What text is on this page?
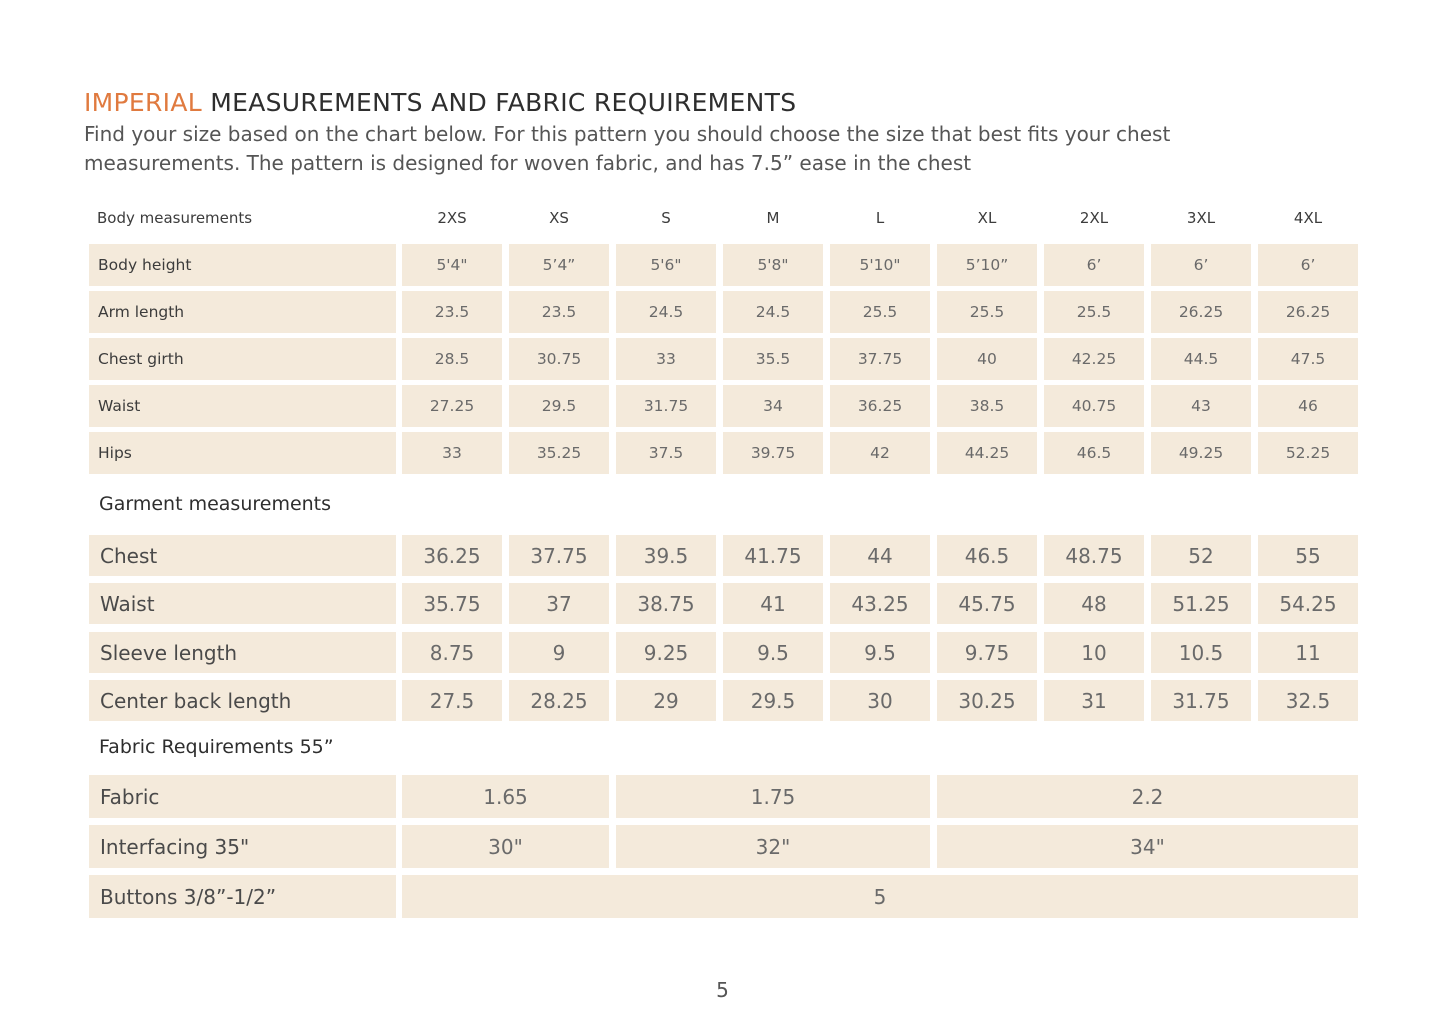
IMPERIAL MEASUREMENTS AND FABRIC REQUIREMENTS
Find your size based on the chart below. For this pattern you should choose the size that best fits your chest measurements. The pattern is designed for woven fabric, and has 7.5” ease in the chest
Body measurements	2XS	XS	S	M	L	XL	2XL	3XL	4XL
Body height	5'4"	5’4”	5'6"	5'8"	5'10"	5’10”	6’	6’	6’
Arm length	23.5	23.5	24.5	24.5	25.5	25.5	25.5	26.25	26.25
Chest girth	28.5	30.75	33	35.5	37.75	40	42.25	44.5	47.5
Waist	27.25	29.5	31.75	34	36.25	38.5	40.75	43	46
Hips	33	35.25	37.5	39.75	42	44.25	46.5	49.25	52.25
Garment measurements
Chest	36.25	37.75	39.5	41.75	44	46.5	48.75	52	55
Waist	35.75	37	38.75	41	43.25	45.75	48	51.25	54.25
Sleeve length	8.75	9	9.25	9.5	9.5	9.75	10	10.5	11
Center back length	27.5	28.25	29	29.5	30	30.25	31	31.75	32.5
Fabric Requirements 55”
Fabric	1.65	1.75	2.2
Interfacing 35"	30"	32"	34"
Buttons 3/8”-1/2”	5
5
